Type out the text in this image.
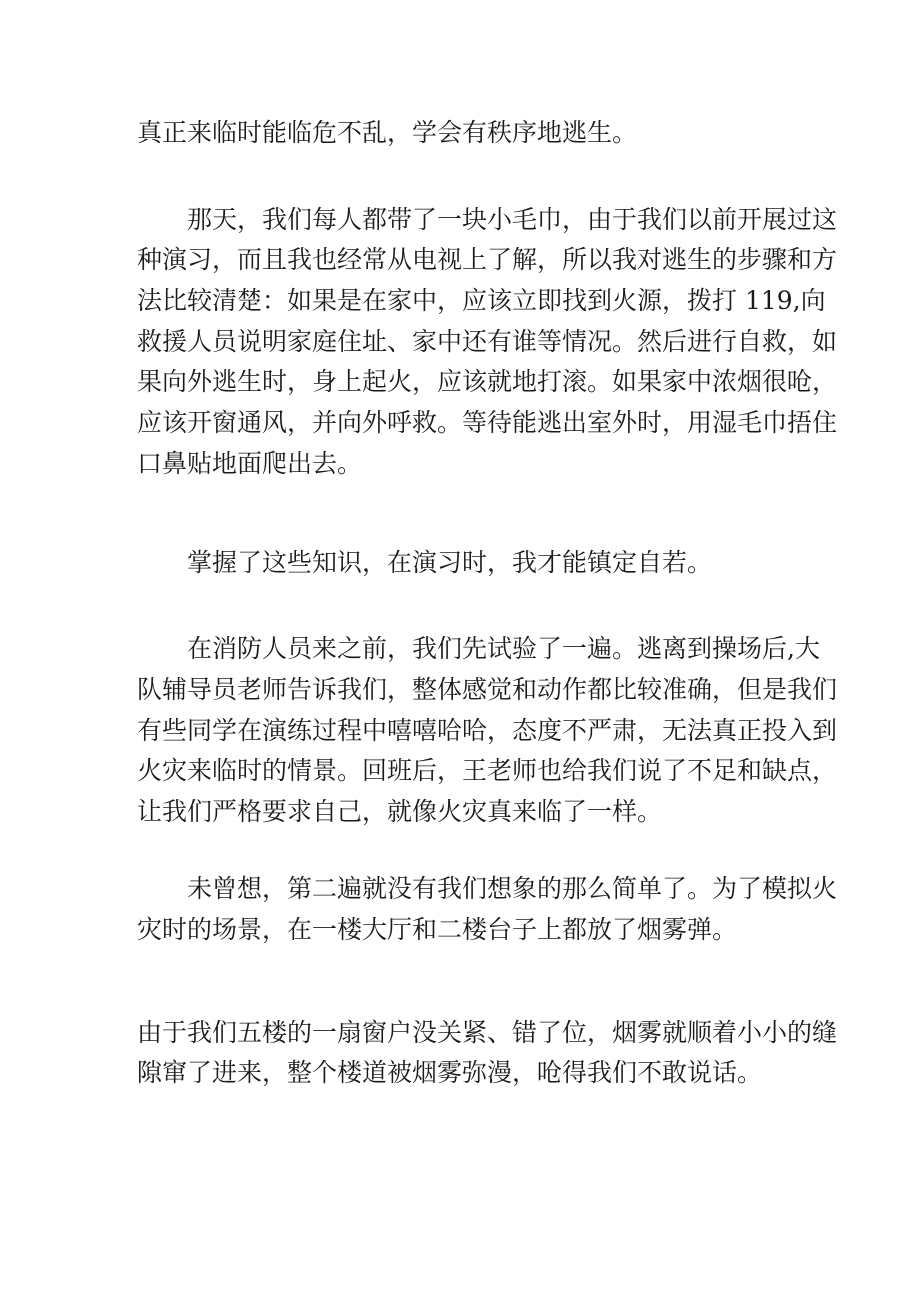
真正来临时能临危不乱，学会有秩序地逃生。
那天，我们每人都带了一块小毛巾，由于我们以前开展过这
种演习，而且我也经常从电视上了解，所以我对逃生的步骤和方
法比较清楚：如果是在家中，应该立即找到火源，拨打 119,向
救援人员说明家庭住址、家中还有谁等情况。然后进行自救，如
果向外逃生时，身上起火，应该就地打滚。如果家中浓烟很呛，
应该开窗通风，并向外呼救。等待能逃出室外时，用湿毛巾捂住
口鼻贴地面爬出去。
掌握了这些知识，在演习时，我才能镇定自若。
在消防人员来之前，我们先试验了一遍。逃离到操场后,大
队辅导员老师告诉我们，整体感觉和动作都比较准确，但是我们
有些同学在演练过程中嘻嘻哈哈，态度不严肃，无法真正投入到
火灾来临时的情景。回班后，王老师也给我们说了不足和缺点，
让我们严格要求自己，就像火灾真来临了一样。
未曾想，第二遍就没有我们想象的那么简单了。为了模拟火
灾时的场景，在一楼大厅和二楼台子上都放了烟雾弹。
由于我们五楼的一扇窗户没关紧、错了位，烟雾就顺着小小的缝
隙窜了进来，整个楼道被烟雾弥漫，呛得我们不敢说话。
